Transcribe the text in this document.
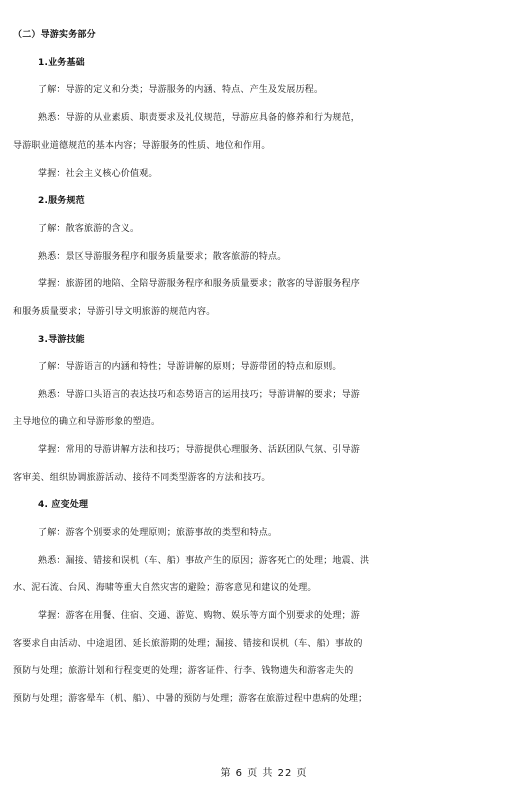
（二）导游实务部分
1.业务基础
了解：导游的定义和分类；导游服务的内涵、特点、产生及发展历程。
熟悉：导游的从业素质、职责要求及礼仪规范，导游应具备的修养和行为规范，
导游职业道德规范的基本内容；导游服务的性质、地位和作用。
掌握：社会主义核心价值观。
2.服务规范
了解：散客旅游的含义。
熟悉：景区导游服务程序和服务质量要求；散客旅游的特点。
掌握：旅游团的地陪、全陪导游服务程序和服务质量要求；散客的导游服务程序
和服务质量要求；导游引导文明旅游的规范内容。
3.导游技能
了解：导游语言的内涵和特性；导游讲解的原则；导游带团的特点和原则。
熟悉：导游口头语言的表达技巧和态势语言的运用技巧；导游讲解的要求；导游
主导地位的确立和导游形象的塑造。
掌握：常用的导游讲解方法和技巧；导游提供心理服务、活跃团队气氛、引导游
客审美、组织协调旅游活动、接待不同类型游客的方法和技巧。
4. 应变处理
了解：游客个别要求的处理原则；旅游事故的类型和特点。
熟悉：漏接、错接和误机（车、船）事故产生的原因；游客死亡的处理；地震、洪
水、泥石流、台风、海啸等重大自然灾害的避险；游客意见和建议的处理。
掌握：游客在用餐、住宿、交通、游览、购物、娱乐等方面个别要求的处理；游
客要求自由活动、中途退团、延长旅游期的处理；漏接、错接和误机（车、船）事故的
预防与处理；旅游计划和行程变更的处理；游客证件、行李、钱物遗失和游客走失的
预防与处理；游客晕车（机、船）、中暑的预防与处理；游客在旅游过程中患病的处理；
第 6 页 共 22 页
